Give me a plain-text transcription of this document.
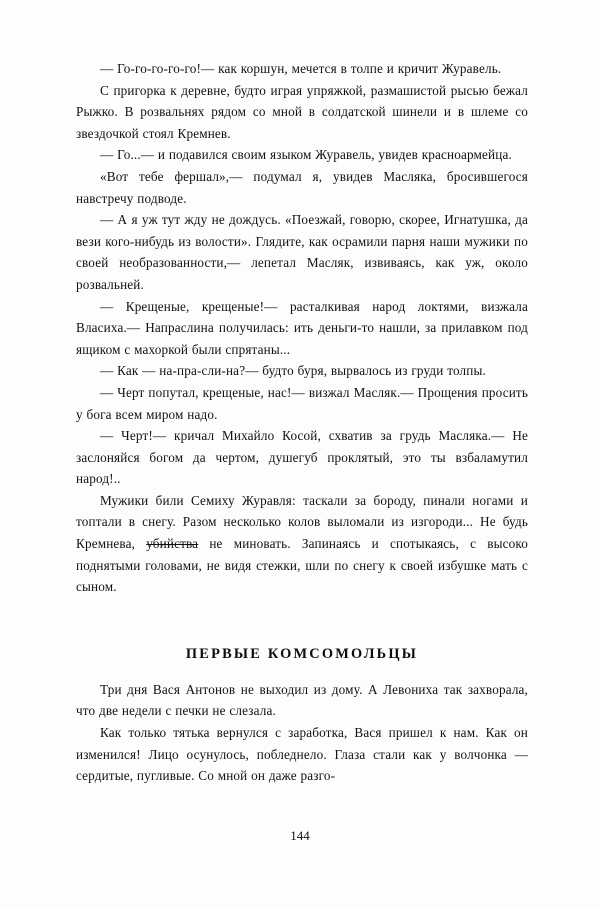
— Го-го-го-го-го!— как коршун, мечется в толпе и кричит Журавель.

С пригорка к деревне, будто играя упряжкой, размашистой рысью бежал Рыжко. В розвальнях рядом со мной в солдатской шинели и в шлеме со звездочкой стоял Кремнев.

— Го...— и подавился своим языком Журавель, увидев красноармейца.

«Вот тебе фершал»,— подумал я, увидев Масляка, бросившегося навстречу подводе.

— А я уж тут жду не дождусь. «Поезжай, говорю, скорее, Игнатушка, да вези кого-нибудь из волости». Глядите, как осрамили парня наши мужики по своей необразованности,— лепетал Масляк, извиваясь, как уж, около розвальней.

— Крещеные, крещеные!— расталкивая народ локтями, визжала Власиха.— Напраслина получилась: ить деньги-то нашли, за прилавком под ящиком с махоркой были спрятаны...

— Как — на-пра-сли-на?— будто буря, вырвалось из груди толпы.

— Черт попутал, крещеные, нас!— визжал Масляк.— Прощения просить у бога всем миром надо.

— Черт!— кричал Михайло Косой, схватив за грудь Масляка.— Не заслоняйся богом да чертом, душегуб проклятый, это ты взбаламутил народ!..

Мужики били Семиху Журавля: таскали за бороду, пинали ногами и топтали в снегу. Разом несколько колов выломали из изгороди... Не будь Кремнева, убийства не миновать. Запинаясь и спотыкаясь, с высоко поднятыми головами, не видя стежки, шли по снегу к своей избушке мать с сыном.

ПЕРВЫЕ КОМСОМОЛЬЦЫ

Три дня Вася Антонов не выходил из дому. А Левониха так захворала, что две недели с печки не слезала.

Как только тятька вернулся с заработка, Вася пришел к нам. Как он изменился! Лицо осунулось, побледнело. Глаза стали как у волчонка — сердитые, пугливые. Со мной он даже разго-

144
